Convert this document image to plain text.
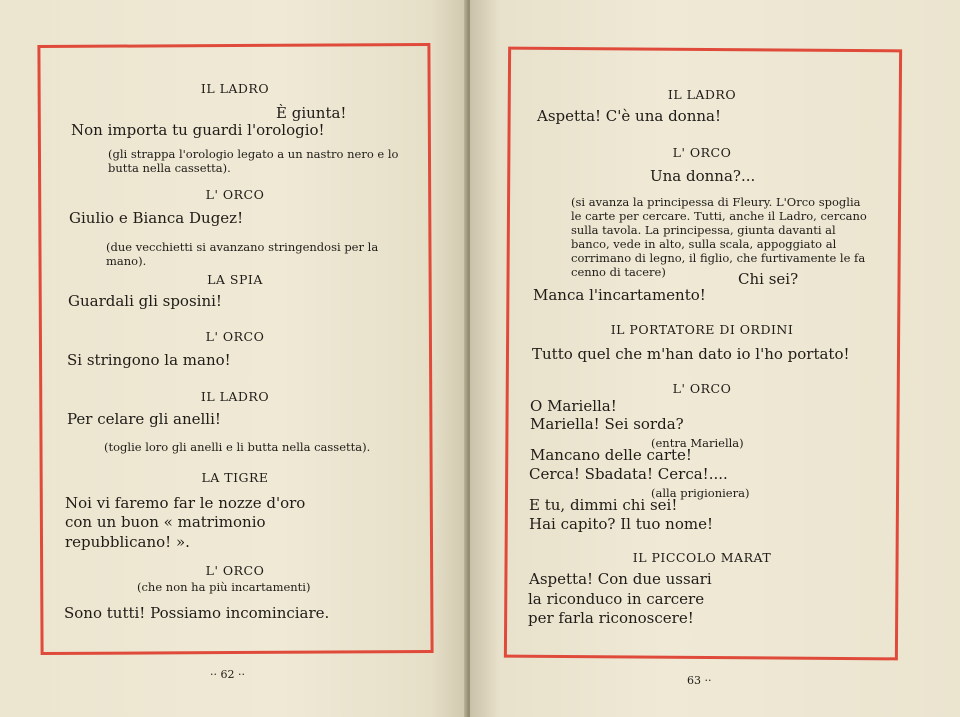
IL LADRO
È giunta!
Non importa tu guardi l'orologio!
(gli strappa l'orologio legato a un nastro nero e lo butta nella cassetta).
L' ORCO
Giulio e Bianca Dugez!
(due vecchietti si avanzano stringendosi per la mano).
LA SPIA
Guardali gli sposini!
L' ORCO
Si stringono la mano!
IL LADRO
Per celare gli anelli!
(toglie loro gli anelli e li butta nella cassetta).
LA TIGRE
Noi vi faremo far le nozze d'oro
con un buon « matrimonio
repubblicano! ».
L' ORCO
(che non ha più incartamenti)
Sono tutti! Possiamo incominciare.
·· 62 ··
IL LADRO
Aspetta! C'è una donna!
L' ORCO
Una donna?...
(si avanza la principessa di Fleury. L'Orco spoglia le carte per cercare. Tutti, anche il Ladro, cercano sulla tavola. La principessa, giunta davanti al banco, vede in alto, sulla scala, appoggiato al corrimano di legno, il figlio, che furtivamente le fa cenno di tacere)	Chi sei?
Manca l'incartamento!
IL PORTATORE DI ORDINI
Tutto quel che m'han dato io l'ho portato!
L' ORCO
O Mariella!
Mariella! Sei sorda?
(entra Mariella)
Mancano delle carte!
Cerca! Sbadata! Cerca!....
(alla prigioniera)
E tu, dimmi chi sei!
Hai capito? Il tuo nome!
IL PICCOLO MARAT
Aspetta! Con due ussari
la riconduco in carcere
per farla riconoscere!
63 ··
